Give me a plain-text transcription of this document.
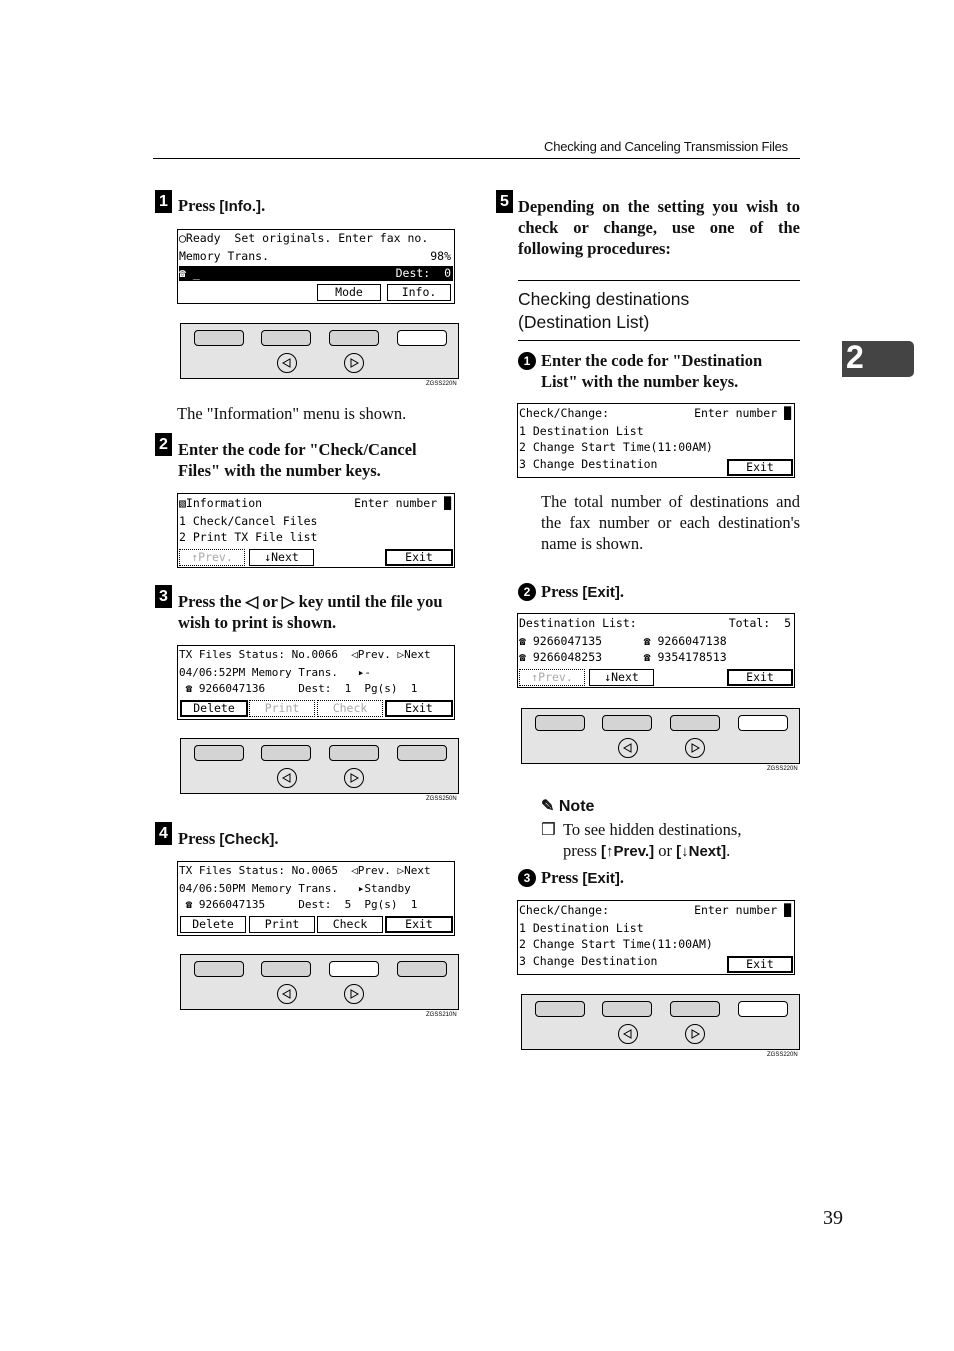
Checking and Canceling Transmission Files
2
1 Press [Info.].
◯Ready Set originals. Enter fax no.
Memory Trans.	98%
☎ _	Dest:  0
Mode	Info.
ZGSS220N
The "Information" menu is shown.
2 Enter the code for "Check/Cancel Files" with the number keys.
▧Information	Enter number █
1 Check/Cancel Files
2 Print TX File list
↑Prev.	↓Next	Exit
3 Press the ◁ or ▷ key until the file you wish to print is shown.
TX Files Status: No.0066  ◁Prev. ▷Next
04/06:52PM Memory Trans.   ▸-
☎ 9266047136     Dest:  1  Pg(s)  1
Delete	Print	Check	Exit
ZGSS250N
4 Press [Check].
TX Files Status: No.0065  ◁Prev. ▷Next
04/06:50PM Memory Trans.   ▸Standby
☎ 9266047135     Dest:  5  Pg(s)  1
Delete	Print	Check	Exit
ZGSS210N
5 Depending on the setting you wish to check or change, use one of the following procedures:
Checking destinations
(Destination List)
1 Enter the code for "Destination List" with the number keys.
Check/Change:	Enter number █
1 Destination List
2 Change Start Time(11:00AM)
3 Change Destination	Exit
The total number of destinations and the fax number or each destination's name is shown.
2 Press [Exit].
Destination List:	Total:  5
☎ 9266047135      ☎ 9266047138
☎ 9266048253      ☎ 9354178513
↑Prev.	↓Next	Exit
ZGSS220N
✎ Note
❒ To see hidden destinations,
press [↑Prev.] or [↓Next].
3 Press [Exit].
Check/Change:	Enter number █
1 Destination List
2 Change Start Time(11:00AM)
3 Change Destination	Exit
ZGSS220N
39
